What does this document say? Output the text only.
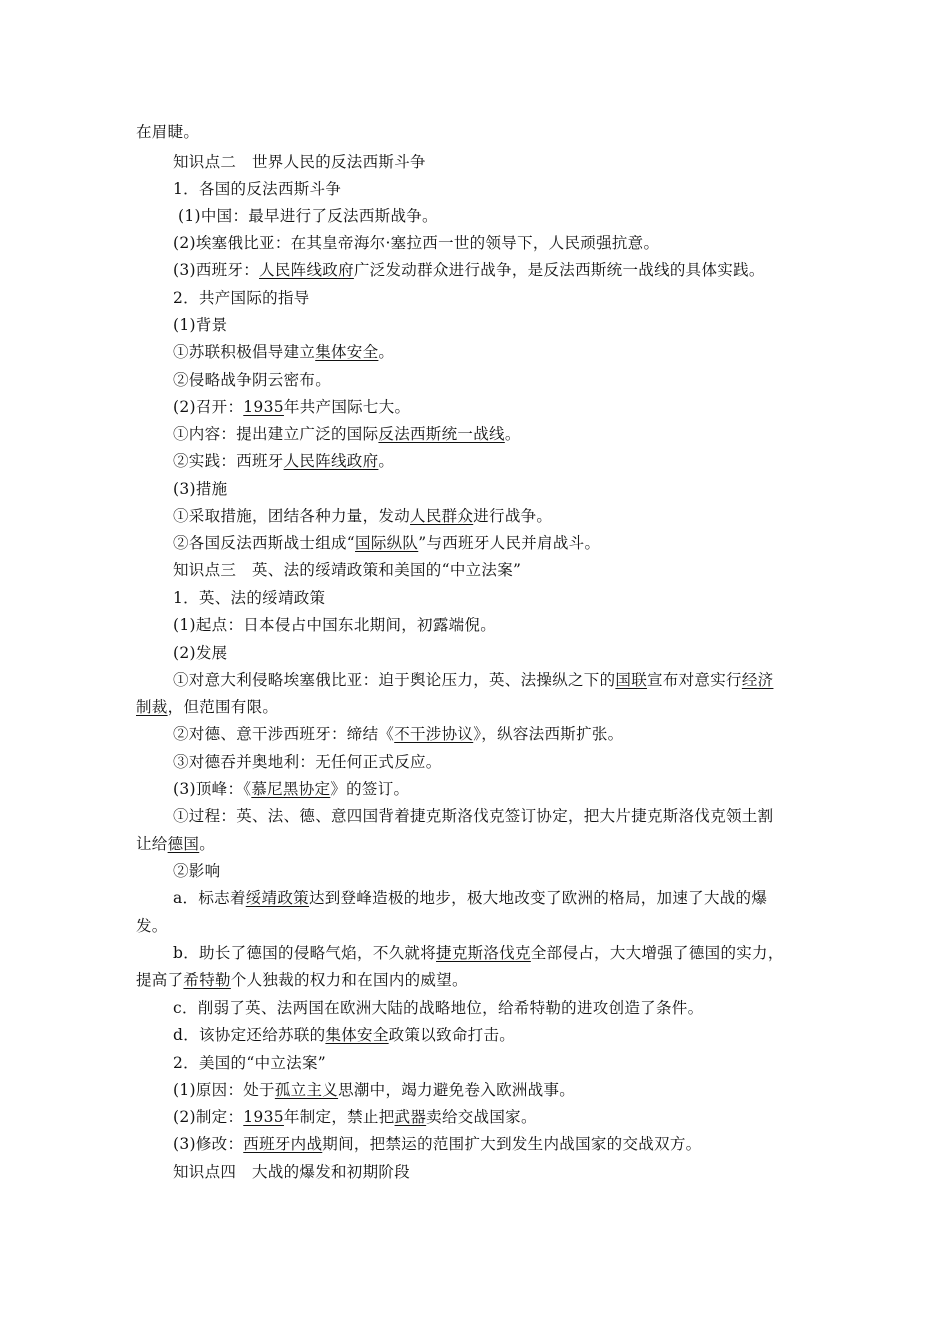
在眉睫。
知识点二　世界人民的反法西斯斗争
1．各国的反法西斯斗争
(1)中国：最早进行了反法西斯战争。
(2)埃塞俄比亚：在其皇帝海尔·塞拉西一世的领导下，人民顽强抗意。
(3)西班牙：人民阵线政府广泛发动群众进行战争，是反法西斯统一战线的具体实践。
2．共产国际的指导
(1)背景
①苏联积极倡导建立集体安全。
②侵略战争阴云密布。
(2)召开：1935年共产国际七大。
①内容：提出建立广泛的国际反法西斯统一战线。
②实践：西班牙人民阵线政府。
(3)措施
①采取措施，团结各种力量，发动人民群众进行战争。
②各国反法西斯战士组成“国际纵队”与西班牙人民并肩战斗。
知识点三　英、法的绥靖政策和美国的“中立法案”
1．英、法的绥靖政策
(1)起点：日本侵占中国东北期间，初露端倪。
(2)发展
①对意大利侵略埃塞俄比亚：迫于舆论压力，英、法操纵之下的国联宣布对意实行经济
制裁，但范围有限。
②对德、意干涉西班牙：缔结《不干涉协议》，纵容法西斯扩张。
③对德吞并奥地利：无任何正式反应。
(3)顶峰：《慕尼黑协定》的签订。
①过程：英、法、德、意四国背着捷克斯洛伐克签订协定，把大片捷克斯洛伐克领土割
让给德国。
②影响
a．标志着绥靖政策达到登峰造极的地步，极大地改变了欧洲的格局，加速了大战的爆
发。
b．助长了德国的侵略气焰，不久就将捷克斯洛伐克全部侵占，大大增强了德国的实力，
提高了希特勒个人独裁的权力和在国内的威望。
c．削弱了英、法两国在欧洲大陆的战略地位，给希特勒的进攻创造了条件。
d．该协定还给苏联的集体安全政策以致命打击。
2．美国的“中立法案”
(1)原因：处于孤立主义思潮中，竭力避免卷入欧洲战事。
(2)制定：1935年制定，禁止把武器卖给交战国家。
(3)修改：西班牙内战期间，把禁运的范围扩大到发生内战国家的交战双方。
知识点四　大战的爆发和初期阶段
